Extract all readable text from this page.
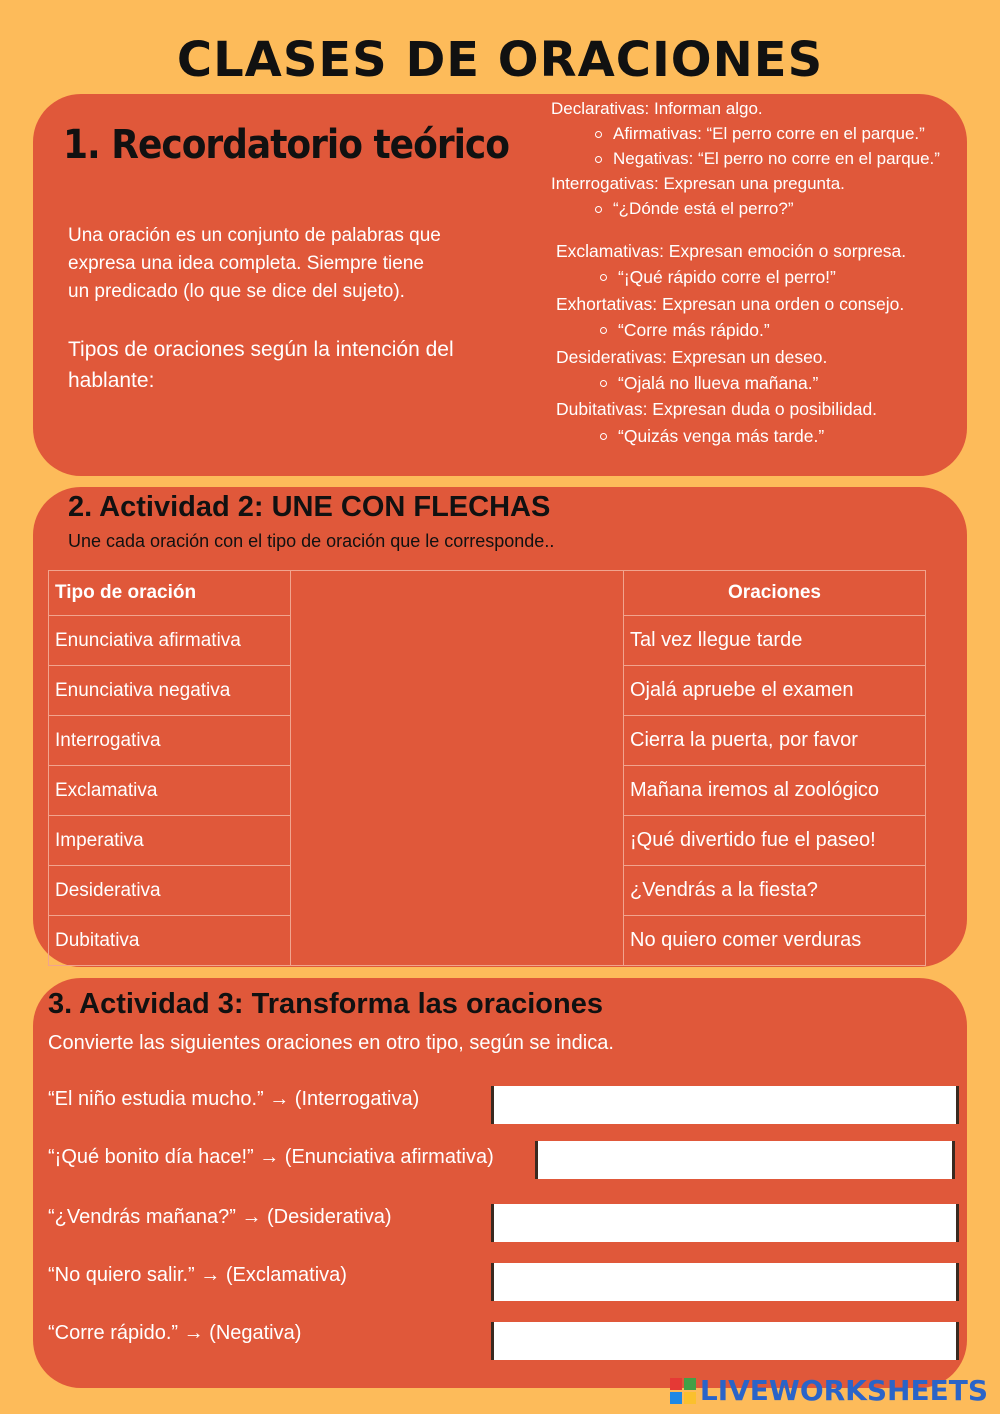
CLASES DE ORACIONES
1. Recordatorio teórico
Una oración es un conjunto de palabras que expresa una idea completa. Siempre tiene un predicado (lo que se dice del sujeto).
Tipos de oraciones según la intención del hablante:
Declarativas: Informan algo.
Afirmativas: “El perro corre en el parque.”
Negativas: “El perro no corre en el parque.”
Interrogativas: Expresan una pregunta.
“¿Dónde está el perro?”
Exclamativas: Expresan emoción o sorpresa.
“¡Qué rápido corre el perro!”
Exhortativas: Expresan una orden o consejo.
“Corre más rápido.”
Desiderativas: Expresan un deseo.
“Ojalá no llueva mañana.”
Dubitativas: Expresan duda o posibilidad.
“Quizás venga más tarde.”
2. Actividad 2: UNE CON FLECHAS
Une cada oración con el tipo de oración que le corresponde..
Tipo de oración		Oraciones
Enunciativa afirmativa		Tal vez llegue tarde
Enunciativa negativa		Ojalá apruebe el examen
Interrogativa		Cierra la puerta, por favor
Exclamativa		Mañana iremos al zoológico
Imperativa		¡Qué divertido fue el paseo!
Desiderativa		¿Vendrás a la fiesta?
Dubitativa		No quiero comer verduras
3. Actividad 3: Transforma las oraciones
Convierte las siguientes oraciones en otro tipo, según se indica.
“El niño estudia mucho.” → (Interrogativa)
“¡Qué bonito día hace!” → (Enunciativa afirmativa)
“¿Vendrás mañana?” → (Desiderativa)
“No quiero salir.” → (Exclamativa)
“Corre rápido.” → (Negativa)
LIVEWORKSHEETS
